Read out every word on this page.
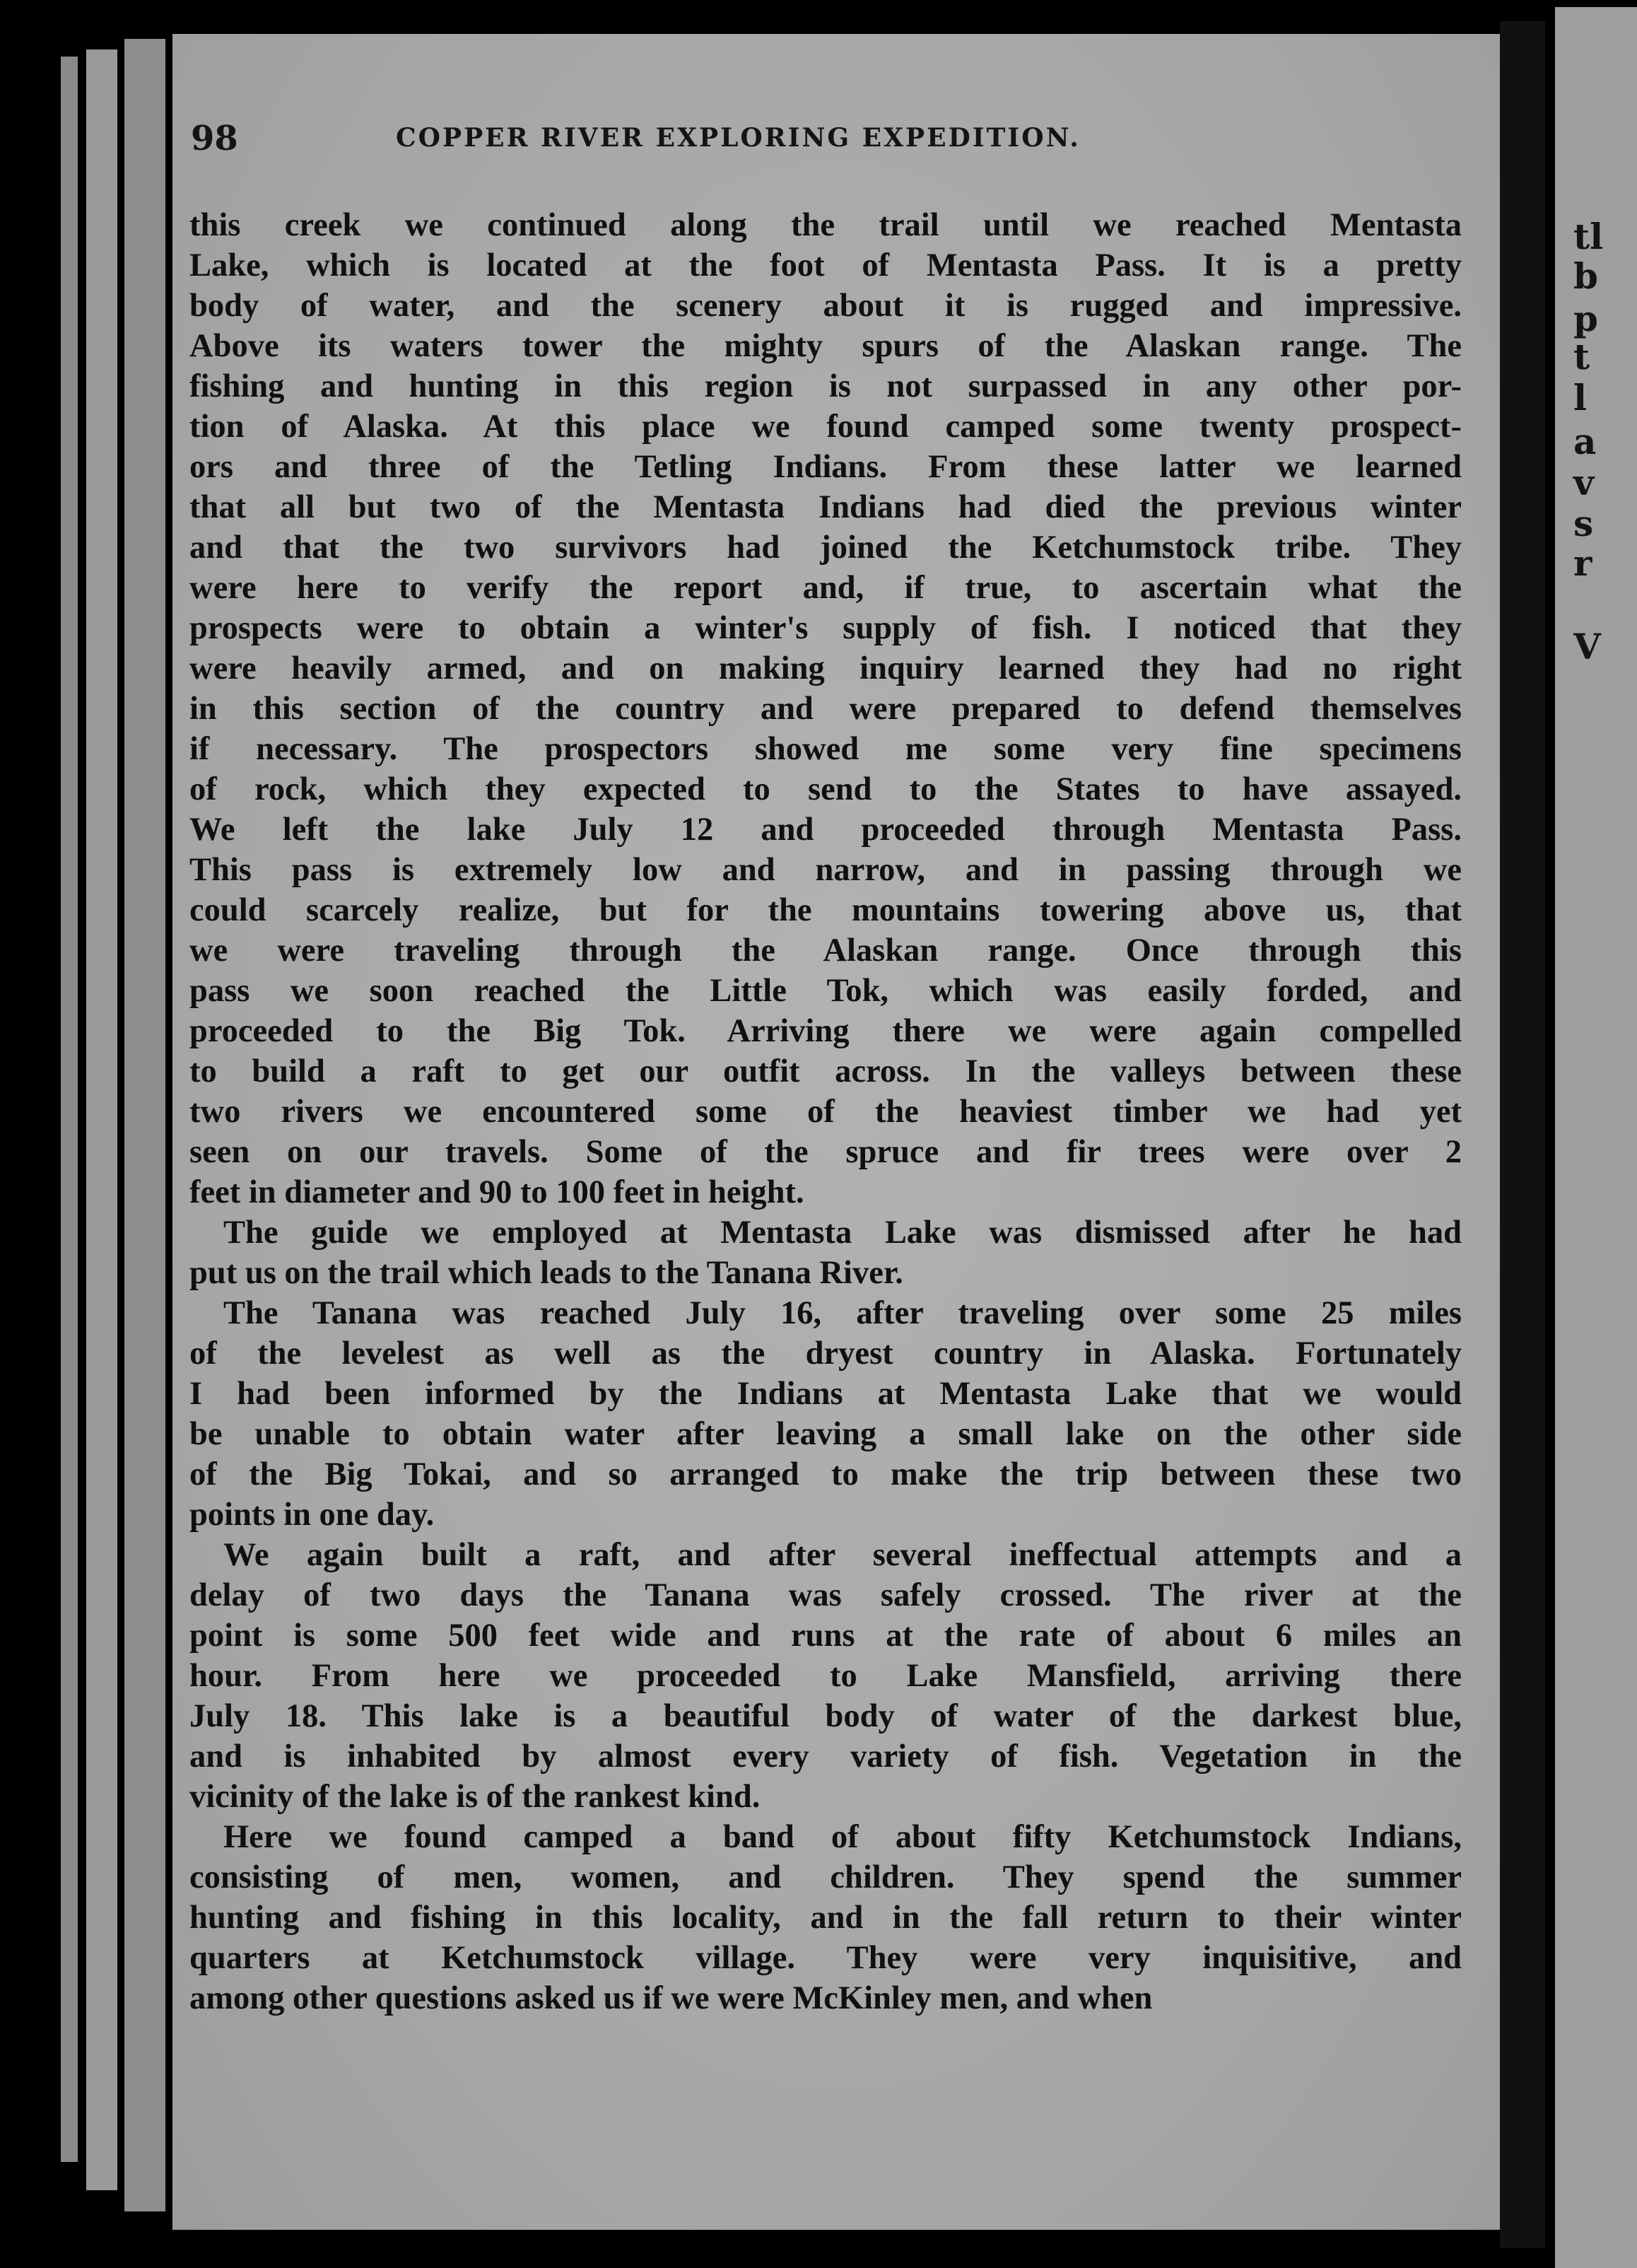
tl
b
p
t
l
a
v
s
r
V
98	COPPER RIVER EXPLORING EXPEDITION.
this creek we continued along the trail until we reached Mentasta
Lake, which is located at the foot of Mentasta Pass. It is a pretty
body of water, and the scenery about it is rugged and impressive.
Above its waters tower the mighty spurs of the Alaskan range. The
fishing and hunting in this region is not surpassed in any other por-
tion of Alaska. At this place we found camped some twenty prospect-
ors and three of the Tetling Indians. From these latter we learned
that all but two of the Mentasta Indians had died the previous winter
and that the two survivors had joined the Ketchumstock tribe. They
were here to verify the report and, if true, to ascertain what the
prospects were to obtain a winter's supply of fish. I noticed that they
were heavily armed, and on making inquiry learned they had no right
in this section of the country and were prepared to defend themselves
if necessary. The prospectors showed me some very fine specimens
of rock, which they expected to send to the States to have assayed.
We left the lake July 12 and proceeded through Mentasta Pass.
This pass is extremely low and narrow, and in passing through we
could scarcely realize, but for the mountains towering above us, that
we were traveling through the Alaskan range. Once through this
pass we soon reached the Little Tok, which was easily forded, and
proceeded to the Big Tok. Arriving there we were again compelled
to build a raft to get our outfit across. In the valleys between these
two rivers we encountered some of the heaviest timber we had yet
seen on our travels. Some of the spruce and fir trees were over 2
feet in diameter and 90 to 100 feet in height.
The guide we employed at Mentasta Lake was dismissed after he had
put us on the trail which leads to the Tanana River.
The Tanana was reached July 16, after traveling over some 25 miles
of the levelest as well as the dryest country in Alaska. Fortunately
I had been informed by the Indians at Mentasta Lake that we would
be unable to obtain water after leaving a small lake on the other side
of the Big Tokai, and so arranged to make the trip between these two
points in one day.
We again built a raft, and after several ineffectual attempts and a
delay of two days the Tanana was safely crossed. The river at the
point is some 500 feet wide and runs at the rate of about 6 miles an
hour. From here we proceeded to Lake Mansfield, arriving there
July 18. This lake is a beautiful body of water of the darkest blue,
and is inhabited by almost every variety of fish. Vegetation in the
vicinity of the lake is of the rankest kind.
Here we found camped a band of about fifty Ketchumstock Indians,
consisting of men, women, and children. They spend the summer
hunting and fishing in this locality, and in the fall return to their winter
quarters at Ketchumstock village. They were very inquisitive, and
among other questions asked us if we were McKinley men, and when
